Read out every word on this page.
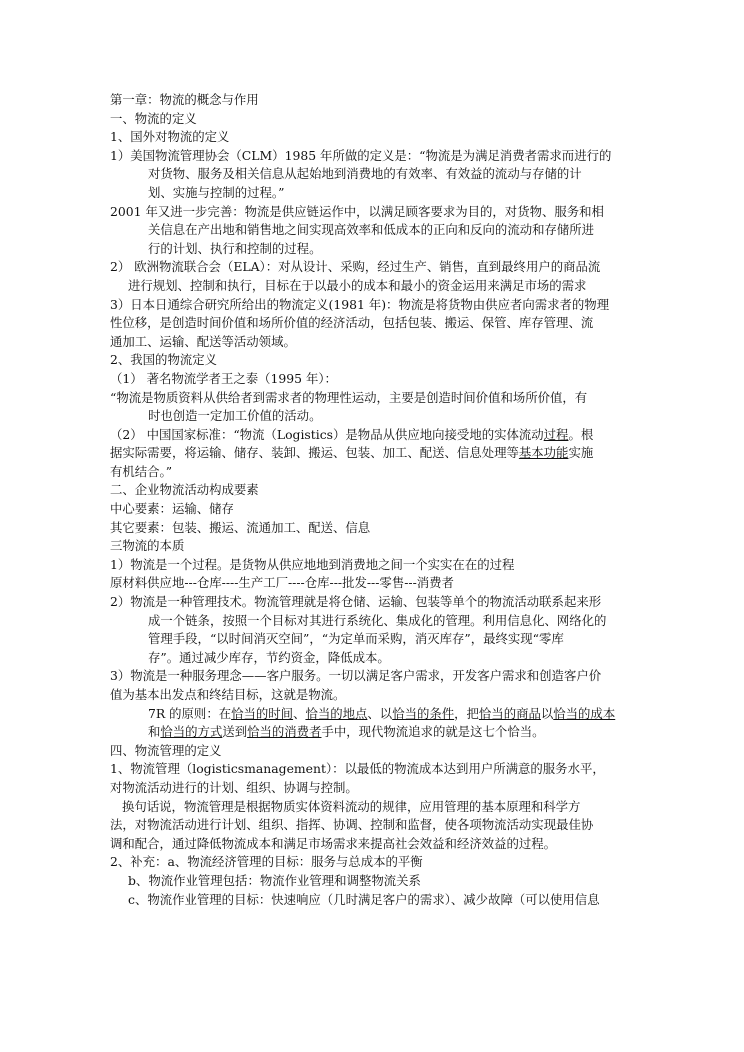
第一章：物流的概念与作用
一、物流的定义
1、国外对物流的定义
1）美国物流管理协会（CLM）1985 年所做的定义是：“物流是为满足消费者需求而进行的
对货物、服务及相关信息从起始地到消费地的有效率、有效益的流动与存储的计
划、实施与控制的过程。”
2001 年又进一步完善：物流是供应链运作中，以满足顾客要求为目的，对货物、服务和相
关信息在产出地和销售地之间实现高效率和低成本的正向和反向的流动和存储所进
行的计划、执行和控制的过程。
2） 欧洲物流联合会（ELA）：对从设计、采购，经过生产、销售，直到最终用户的商品流
进行规划、控制和执行，目标在于以最小的成本和最小的资金运用来满足市场的需求
3）日本日通综合研究所给出的物流定义(1981 年)：物流是将货物由供应者向需求者的物理
性位移，是创造时间价值和场所价值的经济活动，包括包装、搬运、保管、库存管理、流
通加工、运输、配送等活动领域。
2、我国的物流定义
（1） 著名物流学者王之泰（1995 年）：
“物流是物质资料从供给者到需求者的物理性运动，主要是创造时间价值和场所价值，有
时也创造一定加工价值的活动。
（2） 中国国家标准：“物流（Logistics）是物品从供应地向接受地的实体流动过程。根
据实际需要，将运输、储存、装卸、搬运、包装、加工、配送、信息处理等基本功能实施
有机结合。”
二、企业物流活动构成要素
中心要素：运输、储存
其它要素：包装、搬运、流通加工、配送、信息
三物流的本质
1）物流是一个过程。是货物从供应地地到消费地之间一个实实在在的过程
原材料供应地---仓库----生产工厂----仓库---批发---零售---消费者
2）物流是一种管理技术。物流管理就是将仓储、运输、包装等单个的物流活动联系起来形
成一个链条，按照一个目标对其进行系统化、集成化的管理。利用信息化、网络化的
管理手段，“以时间消灭空间”，“为定单而采购，消灭库存”，最终实现“零库
存”。通过减少库存，节约资金，降低成本。
3）物流是一种服务理念——客户服务。一切以满足客户需求，开发客户需求和创造客户价
值为基本出发点和终结目标，这就是物流。
7R 的原则：在恰当的时间、恰当的地点、以恰当的条件，把恰当的商品以恰当的成本
和恰当的方式送到恰当的消费者手中，现代物流追求的就是这七个恰当。
四、物流管理的定义
1、物流管理（logisticsmanagement）：以最低的物流成本达到用户所满意的服务水平，
对物流活动进行的计划、组织、协调与控制。
换句话说，物流管理是根据物质实体资料流动的规律，应用管理的基本原理和科学方
法，对物流活动进行计划、组织、指挥、协调、控制和监督，使各项物流活动实现最佳协
调和配合，通过降低物流成本和满足市场需求来提高社会效益和经济效益的过程。
2、补充：a、物流经济管理的目标：服务与总成本的平衡
b、物流作业管理包括：物流作业管理和调整物流关系
c、物流作业管理的目标：快速响应（几时满足客户的需求）、减少故障（可以使用信息
